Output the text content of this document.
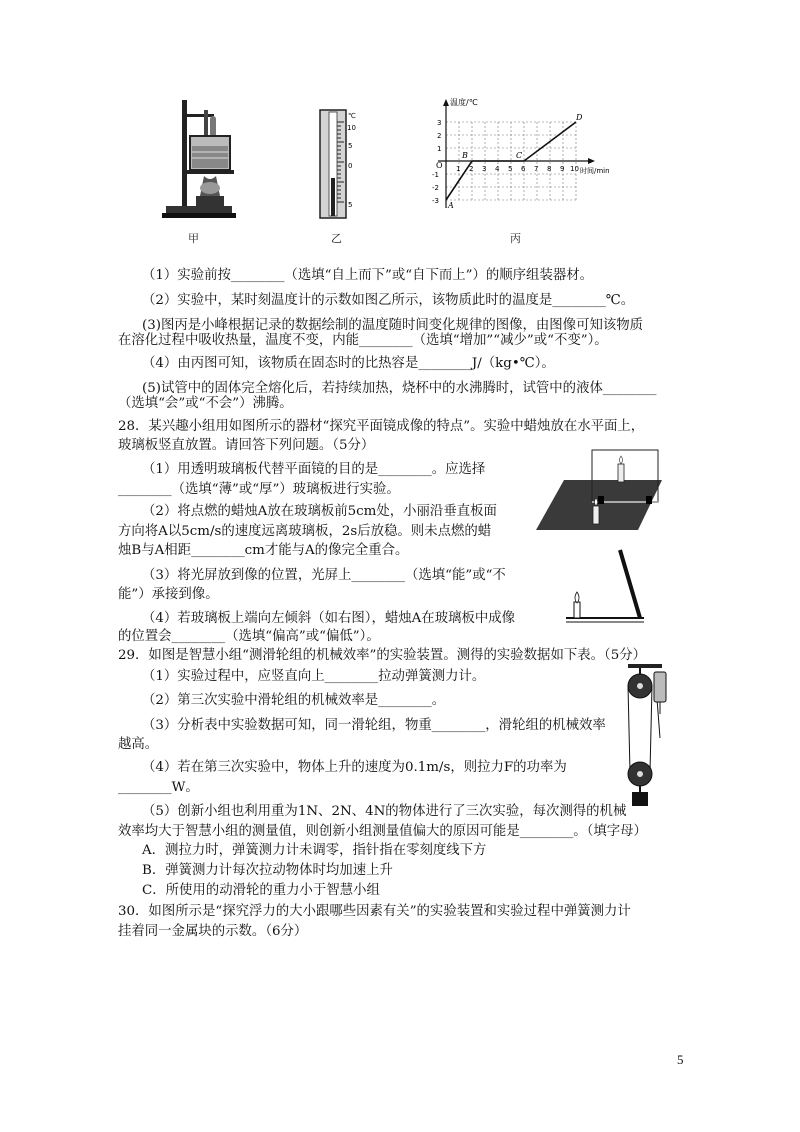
甲
℃
10
5
0
5
乙
温度/℃
时间/min
O
3
2
1
-1
-2
-3
1 2 3 4 5 6 7 8 9 10
A
B	C
D
丙
（1）实验前按________（选填“自上而下”或“自下而上”）的顺序组装器材。
（2）实验中，某时刻温度计的示数如图乙所示，该物质此时的温度是________℃。
(3)图丙是小峰根据记录的数据绘制的温度随时间变化规律的图像，由图像可知该物质
在溶化过程中吸收热量，温度不变，内能________（选填“增加”“减少”或“不变”）。
（4）由丙图可知，该物质在固态时的比热容是________J/（kg•℃）。
(5)试管中的固体完全熔化后，若持续加热，烧杯中的水沸腾时，试管中的液体________
（选填“会”或“不会”）沸腾。
28．某兴趣小组用如图所示的器材“探究平面镜成像的特点”。实验中蜡烛放在水平面上，
玻璃板竖直放置。请回答下列问题。（5分）
（1）用透明玻璃板代替平面镜的目的是________。应选择
________（选填“薄”或“厚”）玻璃板进行实验。
（2）将点燃的蜡烛A放在玻璃板前5cm处，小丽沿垂直板面
方向将A以5cm/s的速度远离玻璃板，2s后放稳。则未点燃的蜡
烛B与A相距________cm才能与A的像完全重合。
（3）将光屏放到像的位置，光屏上________（选填“能”或“不
能”）承接到像。
（4）若玻璃板上端向左倾斜（如右图），蜡烛A在玻璃板中成像
的位置会________（选填“偏高”或“偏低”）。
29．如图是智慧小组“测滑轮组的机械效率”的实验装置。测得的实验数据如下表。（5分）
（1）实验过程中，应竖直向上________拉动弹簧测力计。
（2）第三次实验中滑轮组的机械效率是________。
（3）分析表中实验数据可知，同一滑轮组，物重________，滑轮组的机械效率
越高。
（4）若在第三次实验中，物体上升的速度为0.1m/s，则拉力F的功率为
________W。
（5）创新小组也利用重为1N、2N、4N的物体进行了三次实验，每次测得的机械
效率均大于智慧小组的测量值，则创新小组测量值偏大的原因可能是________。（填字母）
A．测拉力时，弹簧测力计未调零，指针指在零刻度线下方
B．弹簧测力计每次拉动物体时均加速上升
C．所使用的动滑轮的重力小于智慧小组
30．如图所示是“探究浮力的大小跟哪些因素有关”的实验装置和实验过程中弹簧测力计
挂着同一金属块的示数。（6分）
5
